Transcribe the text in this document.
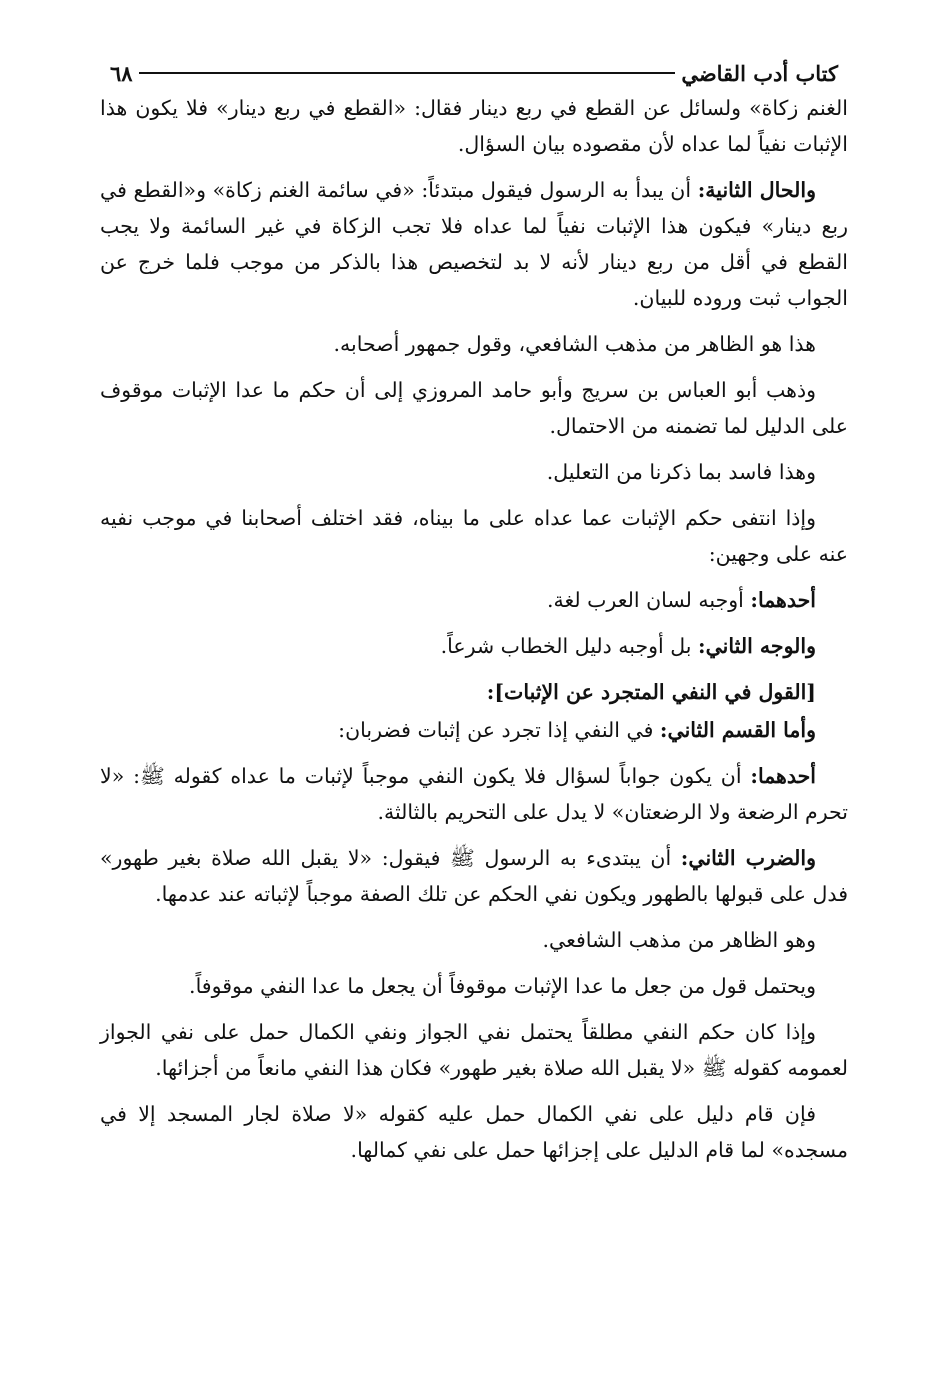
كتاب أدب القاضي
٦٨

الغنم زكاة» ولسائل عن القطع في ربع دينار فقال: «القطع في ربع دينار» فلا يكون هذا الإثبات نفياً لما عداه لأن مقصوده بيان السؤال.

والحال الثانية: أن يبدأ به الرسول فيقول مبتدئاً: «في سائمة الغنم زكاة» و«القطع في ربع دينار» فيكون هذا الإثبات نفياً لما عداه فلا تجب الزكاة في غير السائمة ولا يجب القطع في أقل من ربع دينار لأنه لا بد لتخصيص هذا بالذكر من موجب فلما خرج عن الجواب ثبت وروده للبيان.

هذا هو الظاهر من مذهب الشافعي، وقول جمهور أصحابه.

وذهب أبو العباس بن سريج وأبو حامد المروزي إلى أن حكم ما عدا الإثبات موقوف على الدليل لما تضمنه من الاحتمال.

وهذا فاسد بما ذكرنا من التعليل.

وإذا انتفى حكم الإثبات عما عداه على ما بيناه، فقد اختلف أصحابنا في موجب نفيه عنه على وجهين:

أحدهما: أوجبه لسان العرب لغة.

والوجه الثاني: بل أوجبه دليل الخطاب شرعاً.

[القول في النفي المتجرد عن الإثبات]:

وأما القسم الثاني: في النفي إذا تجرد عن إثبات فضربان:

أحدهما: أن يكون جواباً لسؤال فلا يكون النفي موجباً لإثبات ما عداه كقوله ﷺ: «لا تحرم الرضعة ولا الرضعتان» لا يدل على التحريم بالثالثة.

والضرب الثاني: أن يبتدىء به الرسول ﷺ فيقول: «لا يقبل الله صلاة بغير طهور» فدل على قبولها بالطهور ويكون نفي الحكم عن تلك الصفة موجباً لإثباته عند عدمها.

وهو الظاهر من مذهب الشافعي.

ويحتمل قول من جعل ما عدا الإثبات موقوفاً أن يجعل ما عدا النفي موقوفاً.

وإذا كان حكم النفي مطلقاً يحتمل نفي الجواز ونفي الكمال حمل على نفي الجواز لعمومه كقوله ﷺ «لا يقبل الله صلاة بغير طهور» فكان هذا النفي مانعاً من أجزائها.

فإن قام دليل على نفي الكمال حمل عليه كقوله «لا صلاة لجار المسجد إلا في مسجده» لما قام الدليل على إجزائها حمل على نفي كمالها.
